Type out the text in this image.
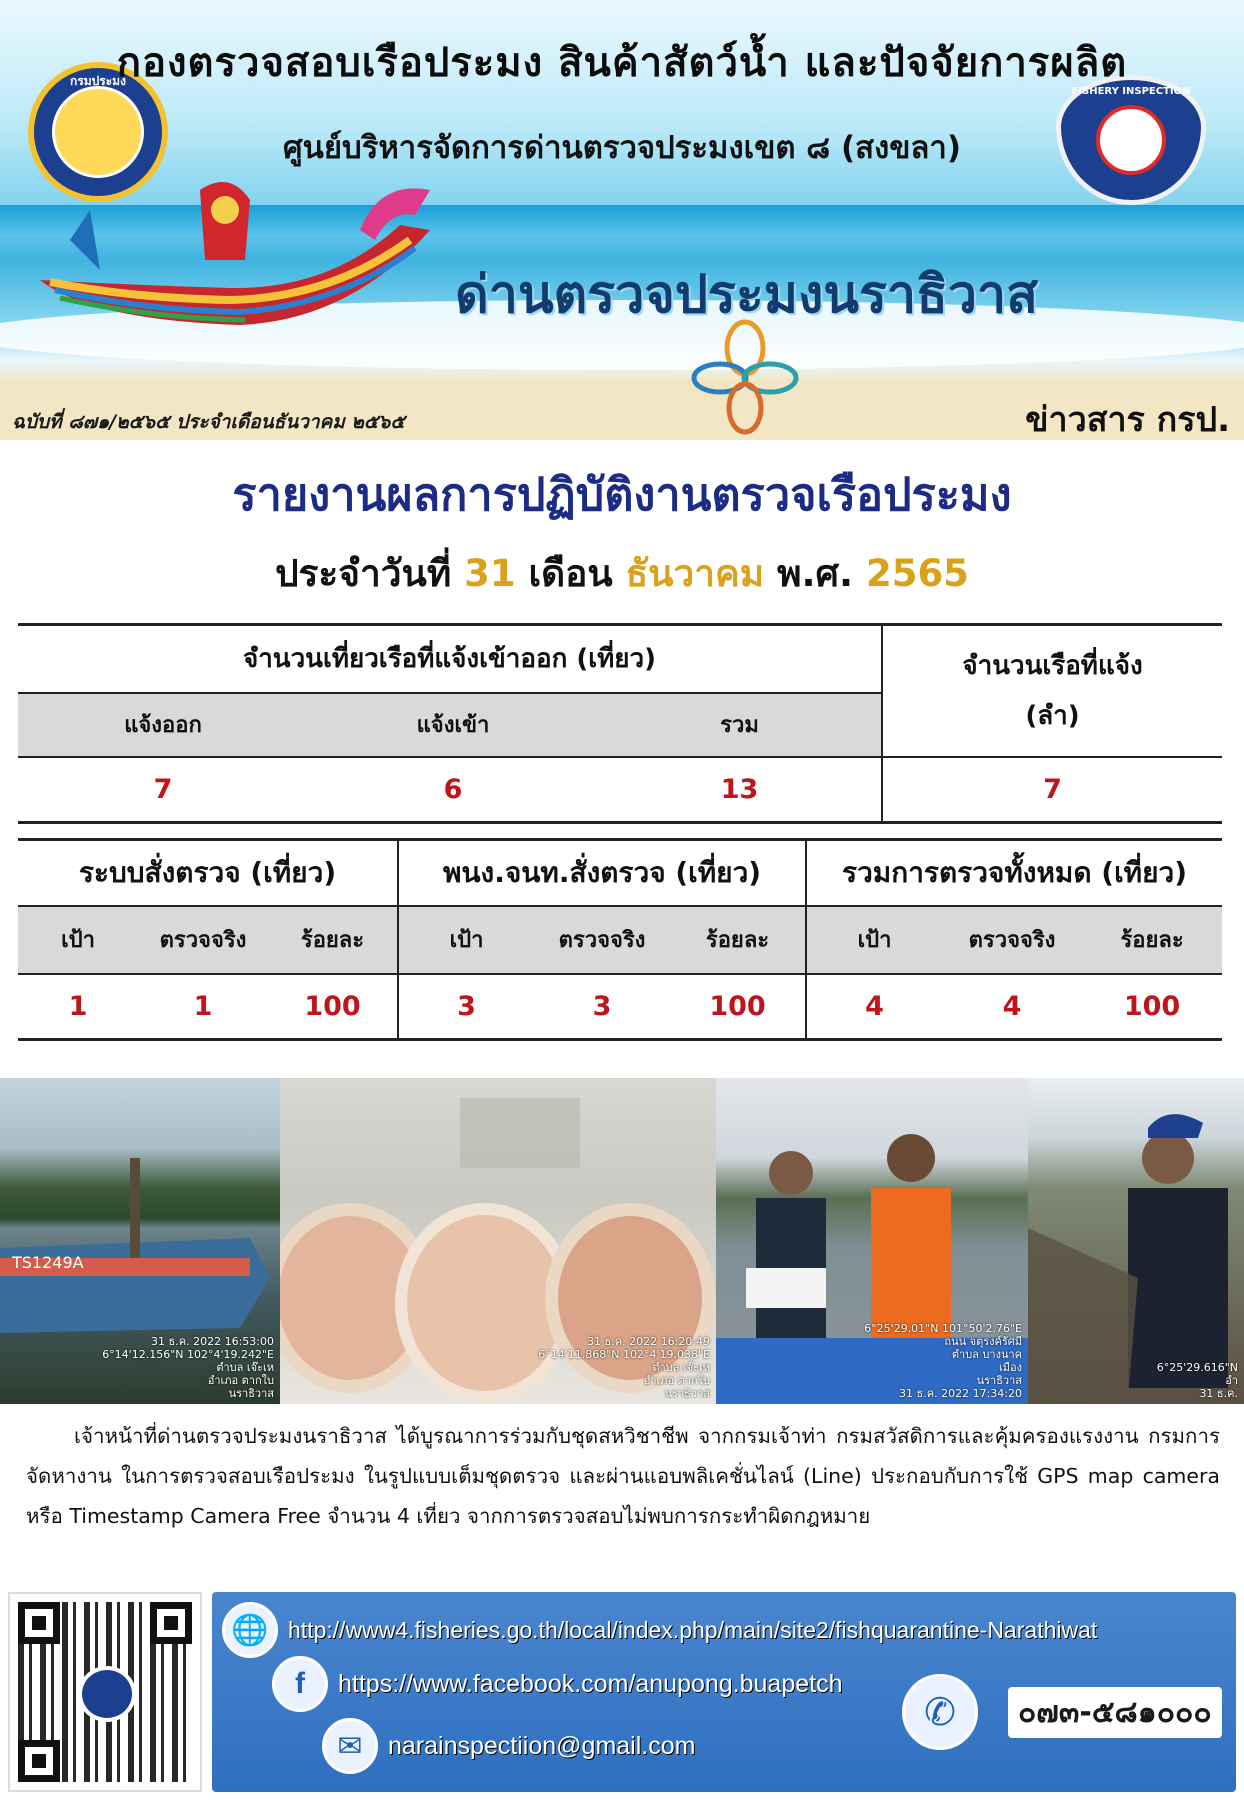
กรมประมง
FISHERY INSPECTION
กองตรวจสอบเรือประมง สินค้าสัตว์น้ำ และปัจจัยการผลิต
ศูนย์บริหารจัดการด่านตรวจประมงเขต ๘ (สงขลา)
ด่านตรวจประมงนราธิวาส
ฉบับที่ ๘๗๑/๒๕๖๕ ประจำเดือนธันวาคม ๒๕๖๕	ข่าวสาร กรป.
รายงานผลการปฏิบัติงานตรวจเรือประมง
ประจำวันที่ 31 เดือน ธันวาคม พ.ศ. 2565
จำนวนเที่ยวเรือที่แจ้งเข้าออก (เที่ยว)			จำนวนเรือที่แจ้ง
(ลำ)

แจ้งออก	แจ้งเข้า	รวม	
7	6	13	7
ระบบสั่งตรวจ (เที่ยว)			พนง.จนท.สั่งตรวจ (เที่ยว)			รวมการตรวจทั้งหมด (เที่ยว)		
เป้า	ตรวจจริง	ร้อยละ	เป้า	ตรวจจริง	ร้อยละ	เป้า	ตรวจจริง	ร้อยละ
1	1	100	3	3	100	4	4	100
TS1249A
31 ธ.ค. 2022 16:53:00
6°14'12.156"N 102°4'19.242"E
ตำบล เจ๊ะเห
อำเภอ ตากใบ
นราธิวาส
31 ธ.ค. 2022 16:20:49
6°14'11.868"N 102°4'19.038"E
ตำบล เจ๊ะเห
อำเภอ ตากใบ
นราธิวาส
6°25'29.01"N 101°50'2.76"E
ถนน จตุรงค์รัศมี
ตำบล บางนาค
เมือง
นราธิวาส
31 ธ.ค. 2022 17:34:20
6°25'29.616"N
อำ
31 ธ.ค.
เจ้าหน้าที่ด่านตรวจประมงนราธิวาส ได้บูรณาการร่วมกับชุดสหวิชาชีพ จากกรมเจ้าท่า กรมสวัสดิการและคุ้มครองแรงงาน กรมการจัดหางาน ในการตรวจสอบเรือประมง ในรูปแบบเต็มชุดตรวจ และผ่านแอบพลิเคชั่นไลน์ (Line) ประกอบกับการใช้ GPS map camera หรือ Timestamp Camera Free จำนวน 4 เที่ยว จากการตรวจสอบไม่พบการกระทำผิดกฎหมาย
🌐 http://www4.fisheries.go.th/local/index.php/main/site2/fishquarantine-Narathiwat
f	https://www.facebook.com/anupong.buapetch
✉	narainspectiion@gmail.com
✆	๐๗๓-๕๘๑๐๐๐
